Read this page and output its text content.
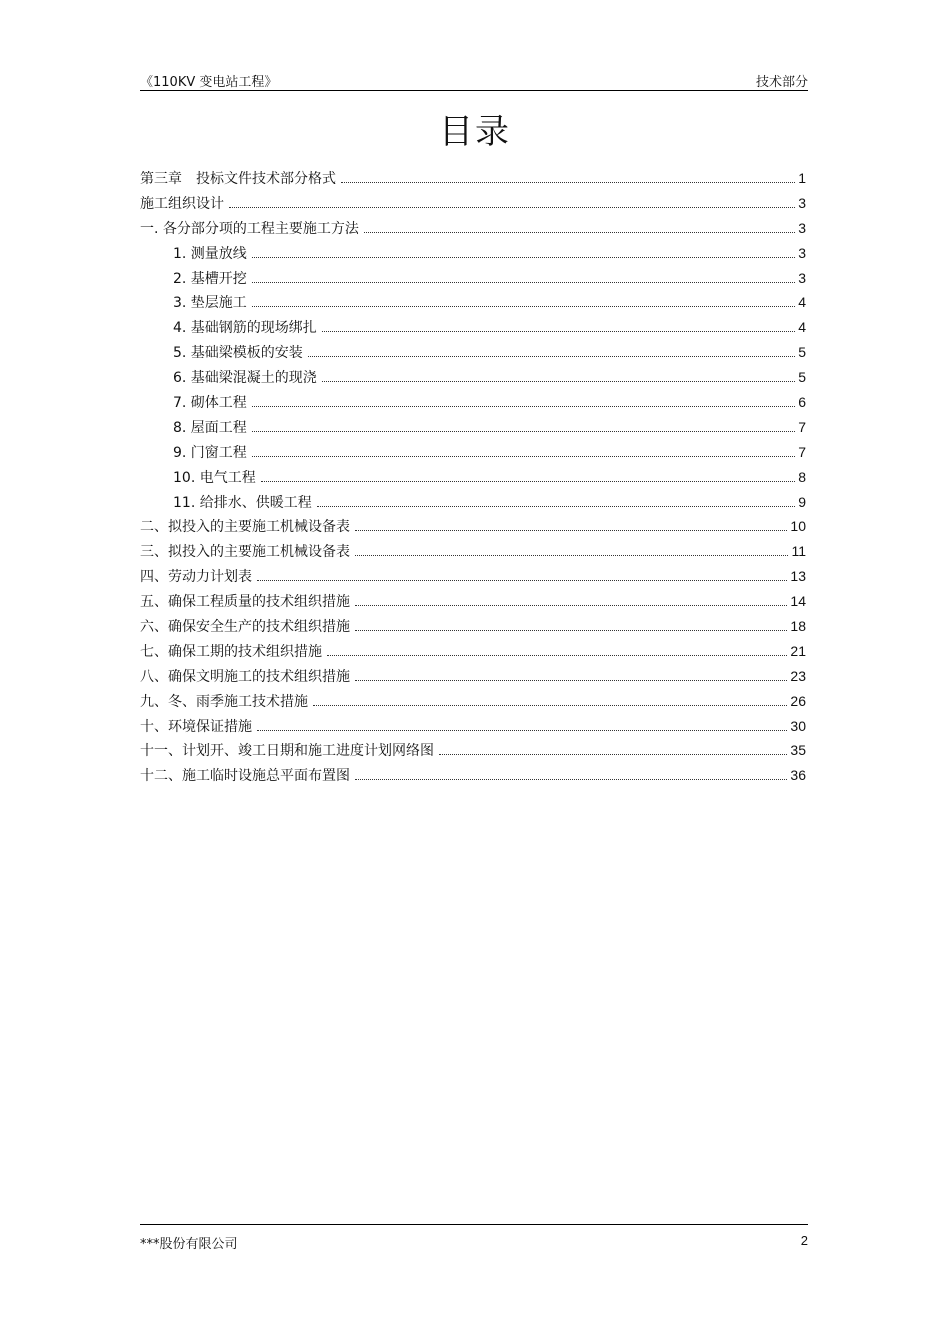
《110KV 变电站工程》	技术部分
目录
第三章　投标文件技术部分格式	1
施工组织设计	3
一. 各分部分项的工程主要施工方法	3
1. 测量放线	3
2. 基槽开挖	3
3. 垫层施工	4
4. 基础钢筋的现场绑扎	4
5. 基础梁模板的安装	5
6. 基础梁混凝土的现浇	5
7. 砌体工程	6
8. 屋面工程	7
9. 门窗工程	7
10. 电气工程	8
11. 给排水、供暖工程	9
二、拟投入的主要施工机械设备表	10
三、拟投入的主要施工机械设备表	11
四、劳动力计划表	13
五、确保工程质量的技术组织措施	14
六、确保安全生产的技术组织措施	18
七、确保工期的技术组织措施	21
八、确保文明施工的技术组织措施	23
九、冬、雨季施工技术措施	26
十、环境保证措施	30
十一、计划开、竣工日期和施工进度计划网络图	35
十二、施工临时设施总平面布置图	36
***股份有限公司	2
